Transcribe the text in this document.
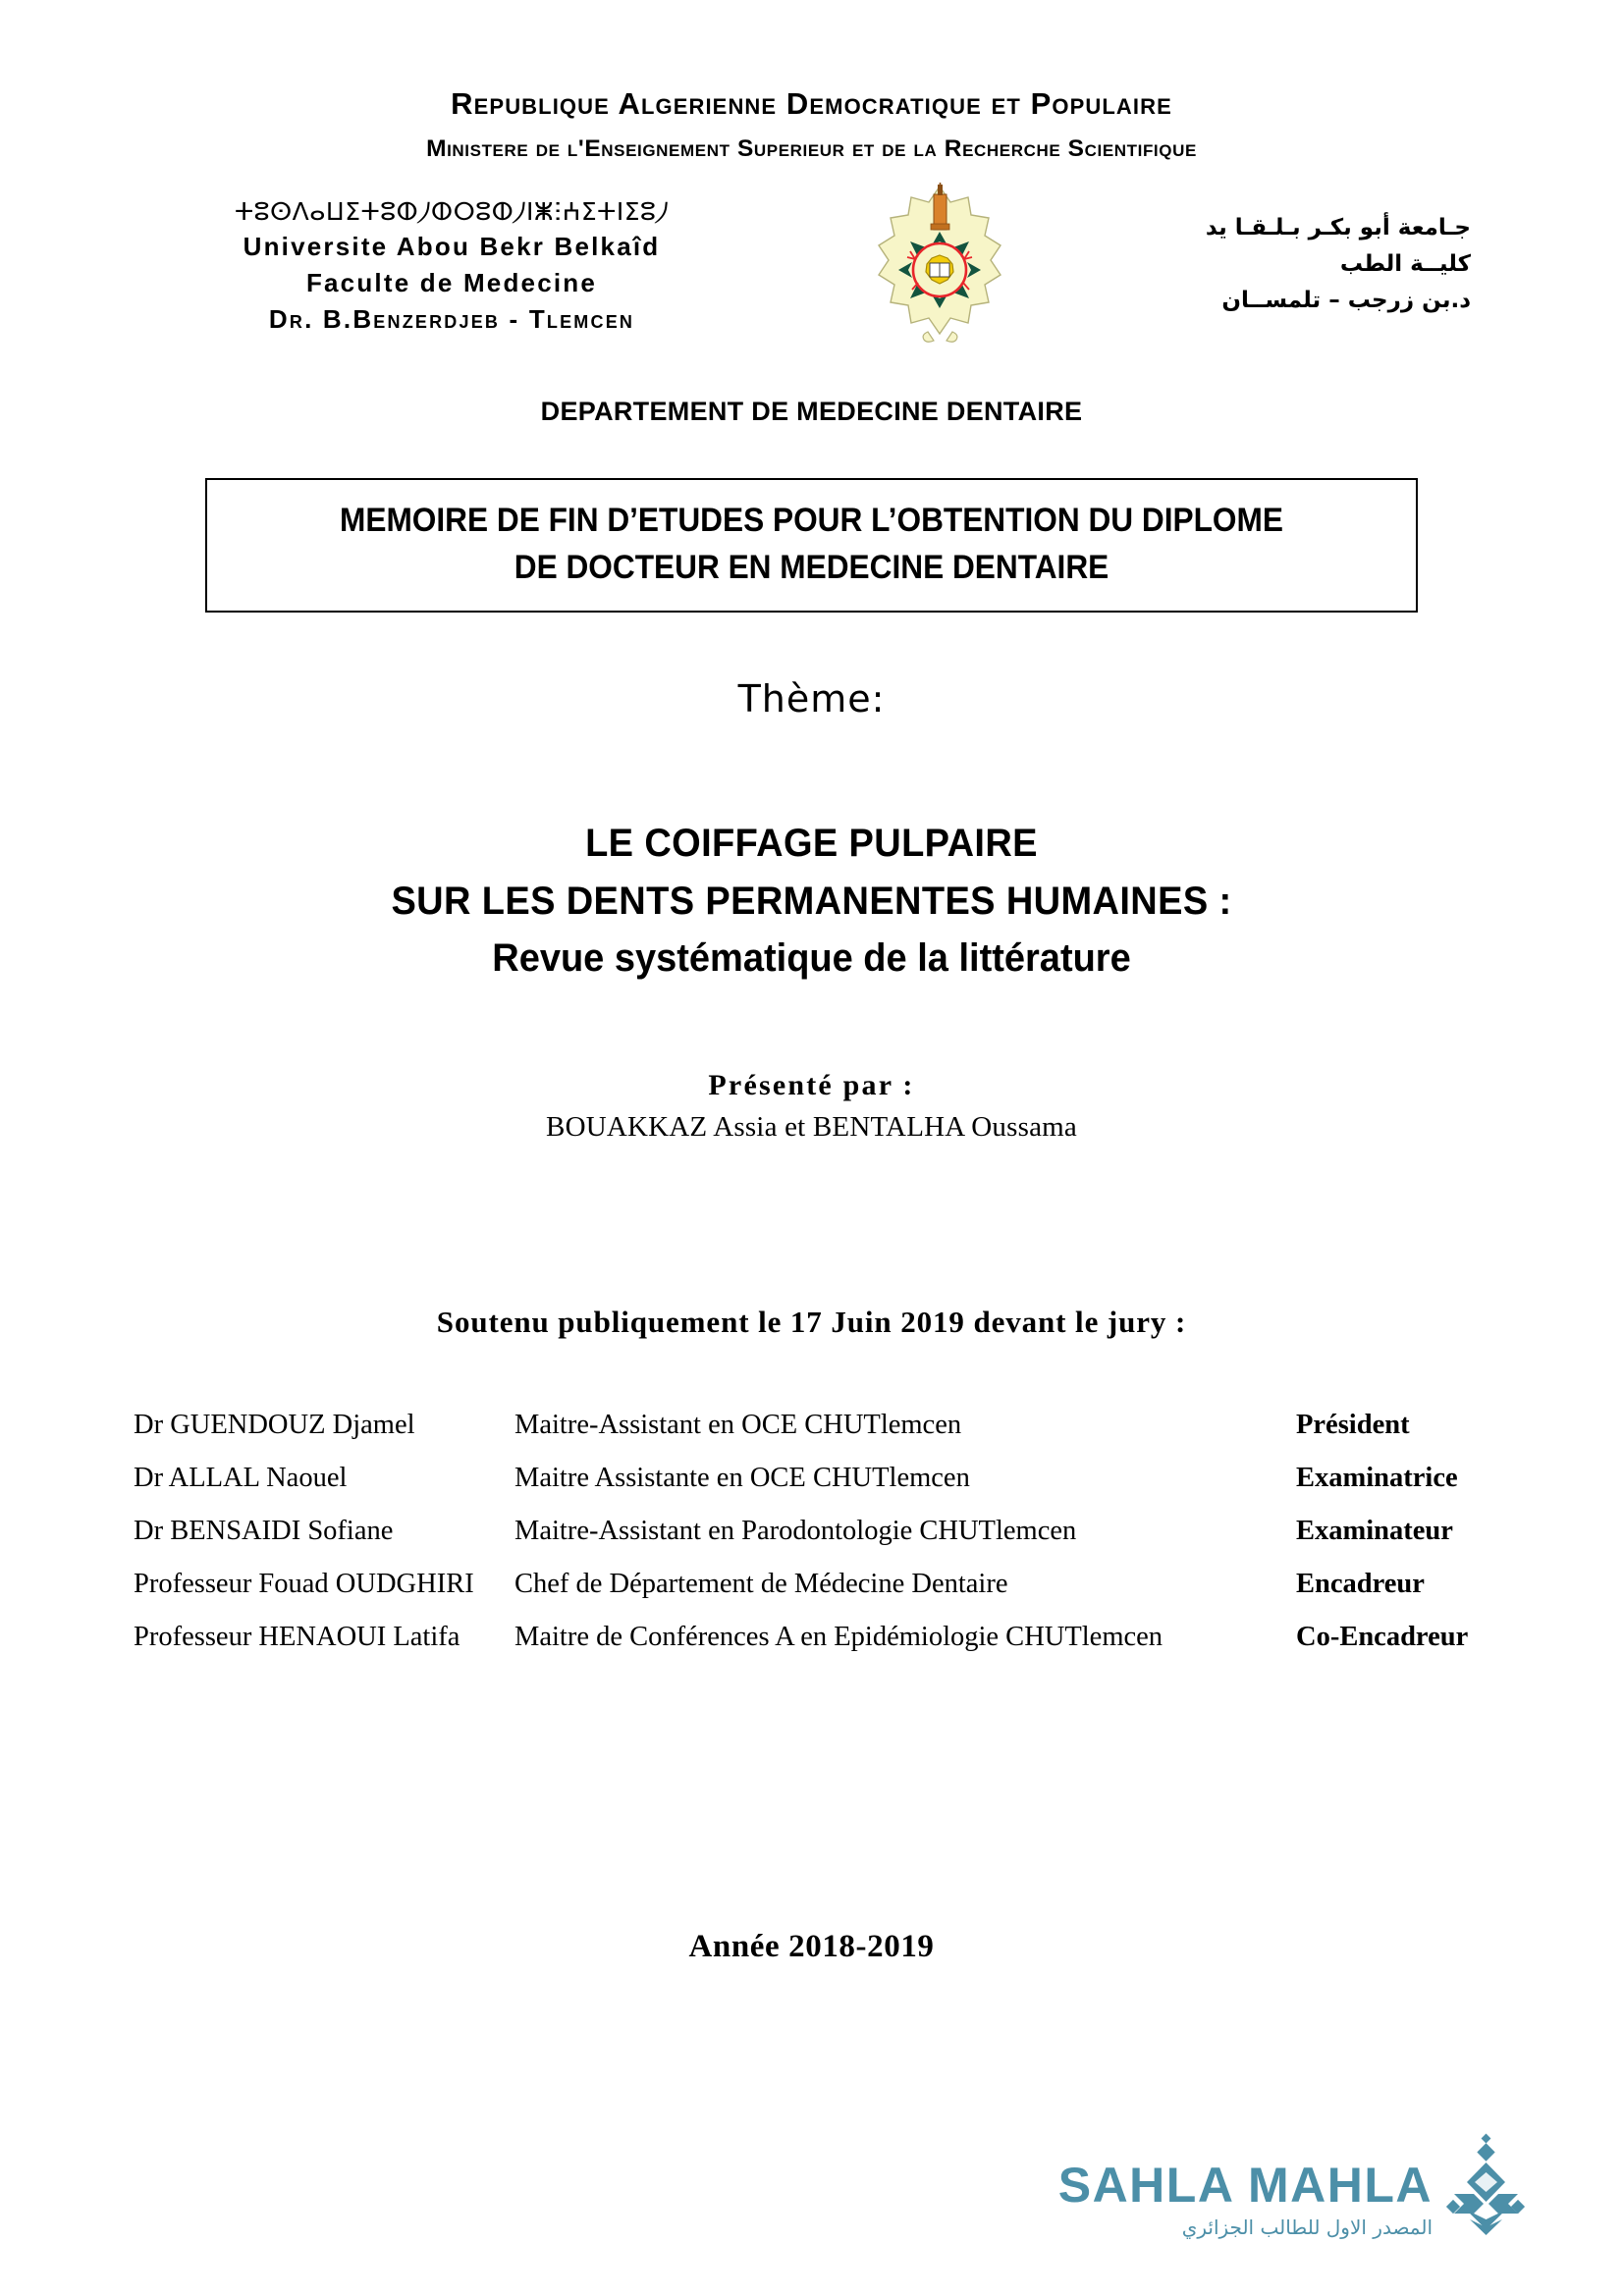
Republique Algerienne Democratique et Populaire
Ministere de l'Enseignement Superieur et de la Recherche Scientifique
ⵜⵓⵙⴷⴰⵡⵉⵜⵓⵀ⵰ⵀⵔⵓⵀ⵰ⵏⵥⵗⵄⵉⵜⵏⵉⵓ⵰
Universite Abou Bekr Belkaîd
Faculte de Medecine
Dr. B.Benzerdjeb - Tlemcen
جـامعة أبو بكـر بـلـقـا يد
كليــة الطب
د.بن زرجب – تلمســان
DEPARTEMENT DE MEDECINE DENTAIRE
MEMOIRE DE FIN D’ETUDES POUR L’OBTENTION DU DIPLOME
DE DOCTEUR EN MEDECINE DENTAIRE
Thème:
LE COIFFAGE PULPAIRE
SUR LES DENTS PERMANENTES HUMAINES :
Revue systématique de la littérature
Présenté par :
BOUAKKAZ Assia et BENTALHA Oussama
Soutenu publiquement le 17 Juin 2019 devant le jury :
Dr GUENDOUZ Djamel	Maitre-Assistant en OCE CHUTlemcen	Président
Dr ALLAL Naouel	Maitre Assistante en OCE CHUTlemcen	Examinatrice
Dr BENSAIDI Sofiane	Maitre-Assistant en Parodontologie CHUTlemcen	Examinateur
Professeur Fouad OUDGHIRI	Chef de Département de Médecine Dentaire	Encadreur
Professeur HENAOUI Latifa	Maitre de Conférences A en Epidémiologie CHUTlemcen	Co-Encadreur
Année 2018-2019
SAHLA MAHLA
المصدر الاول للطالب الجزائري
